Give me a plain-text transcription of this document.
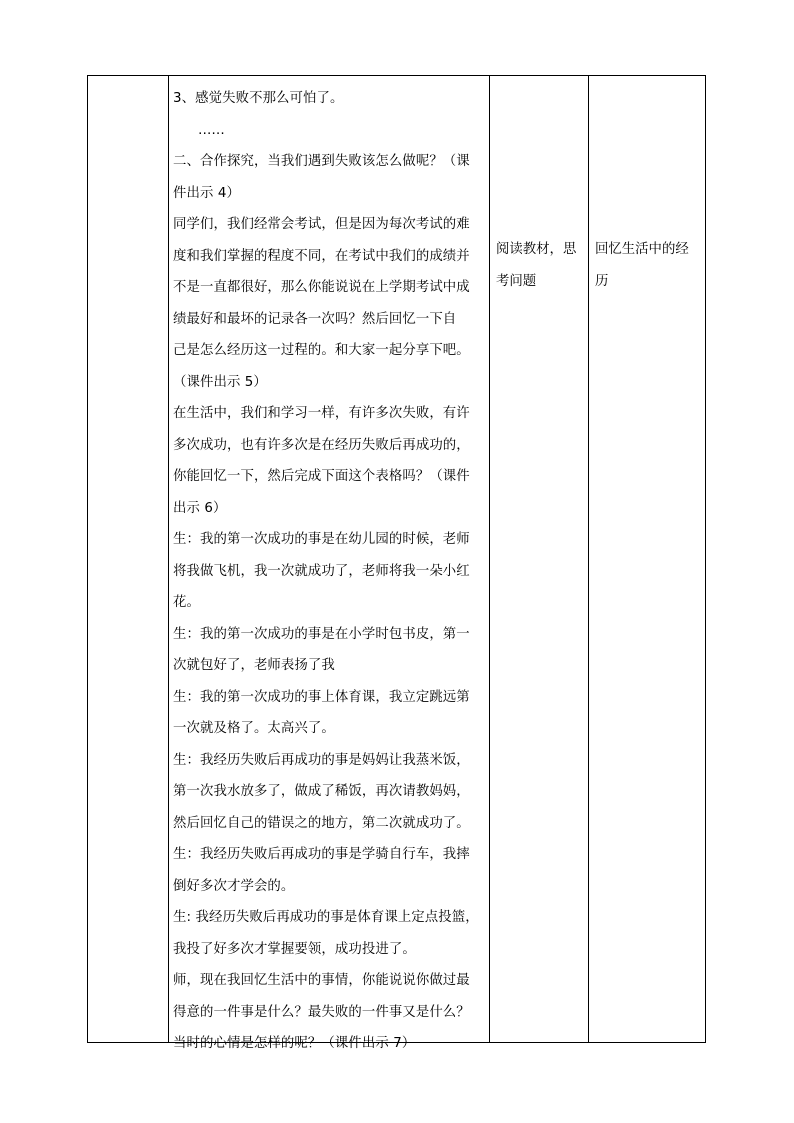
3、感觉失败不那么可怕了。
……
二、合作探究，当我们遇到失败该怎么做呢？（课
件出示 4）
同学们，我们经常会考试，但是因为每次考试的难
度和我们掌握的程度不同，在考试中我们的成绩并
不是一直都很好，那么你能说说在上学期考试中成
绩最好和最坏的记录各一次吗？然后回忆一下自
己是怎么经历这一过程的。和大家一起分享下吧。
（课件出示 5）
在生活中，我们和学习一样，有许多次失败，有许
多次成功，也有许多次是在经历失败后再成功的，
你能回忆一下，然后完成下面这个表格吗？（课件
出示 6）
生：我的第一次成功的事是在幼儿园的时候，老师
将我做飞机，我一次就成功了，老师将我一朵小红
花。
生：我的第一次成功的事是在小学时包书皮，第一
次就包好了，老师表扬了我
生：我的第一次成功的事上体育课，我立定跳远第
一次就及格了。太高兴了。
生：我经历失败后再成功的事是妈妈让我蒸米饭，
第一次我水放多了，做成了稀饭，再次请教妈妈，
然后回忆自己的错误之的地方，第二次就成功了。
生：我经历失败后再成功的事是学骑自行车，我摔
倒好多次才学会的。
生: 我经历失败后再成功的事是体育课上定点投篮，
我投了好多次才掌握要领，成功投进了。
师，现在我回忆生活中的事情，你能说说你做过最
得意的一件事是什么？最失败的一件事又是什么？
当时的心情是怎样的呢？（课件出示 7）
阅读教材，思
考问题
回忆生活中的经
历
